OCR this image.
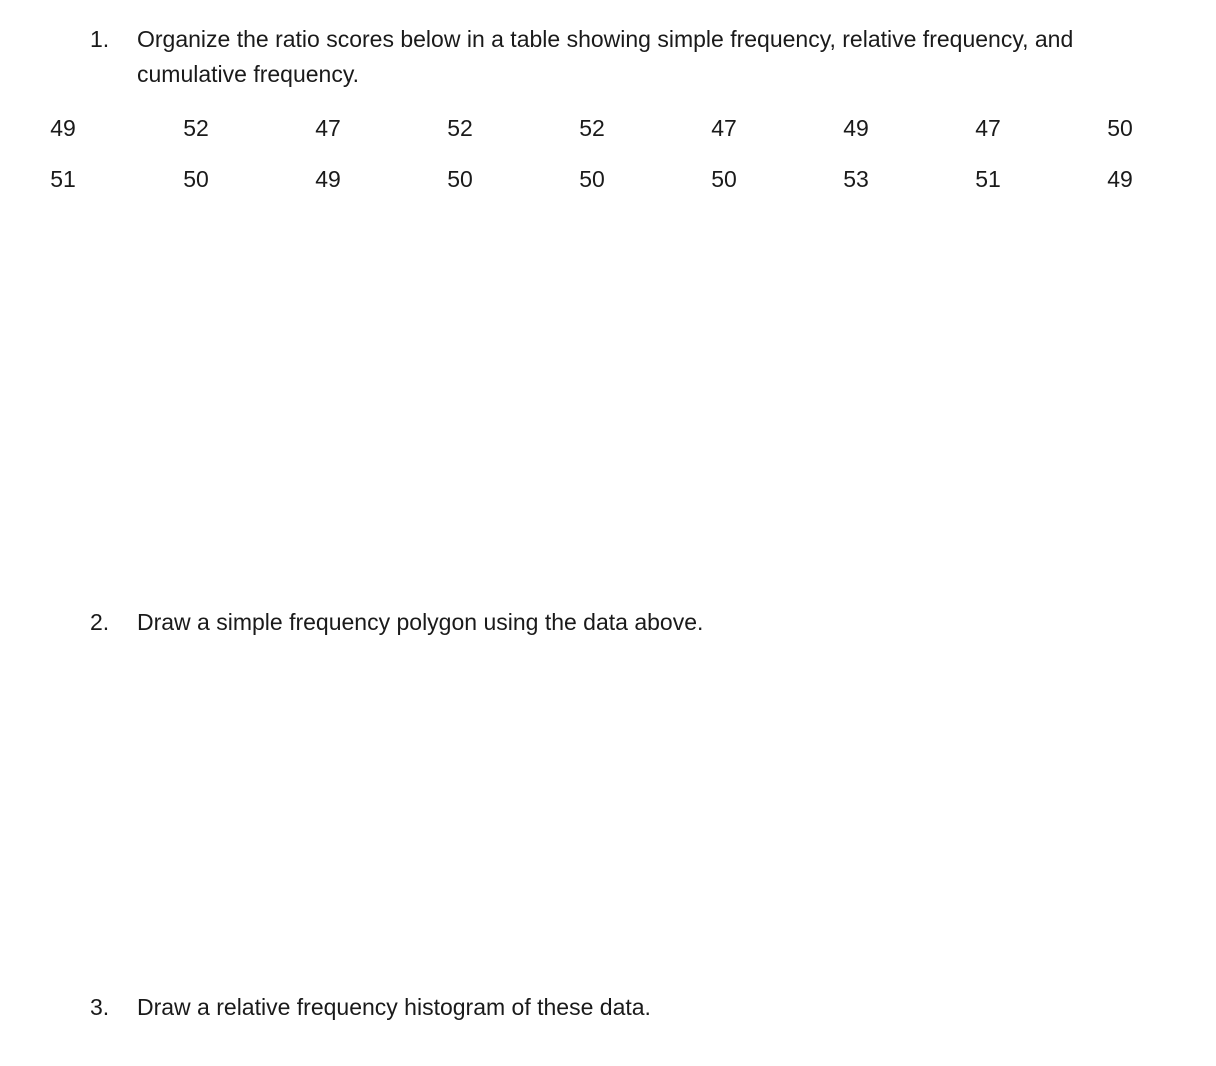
1.	Organize the ratio scores below in a table showing simple frequency, relative frequency, and cumulative frequency.
49	52	47	52	52	47	49	47	50
51	50	49	50	50	50	53	51	49
2.	Draw a simple frequency polygon using the data above.
3.	Draw a relative frequency histogram of these data.
